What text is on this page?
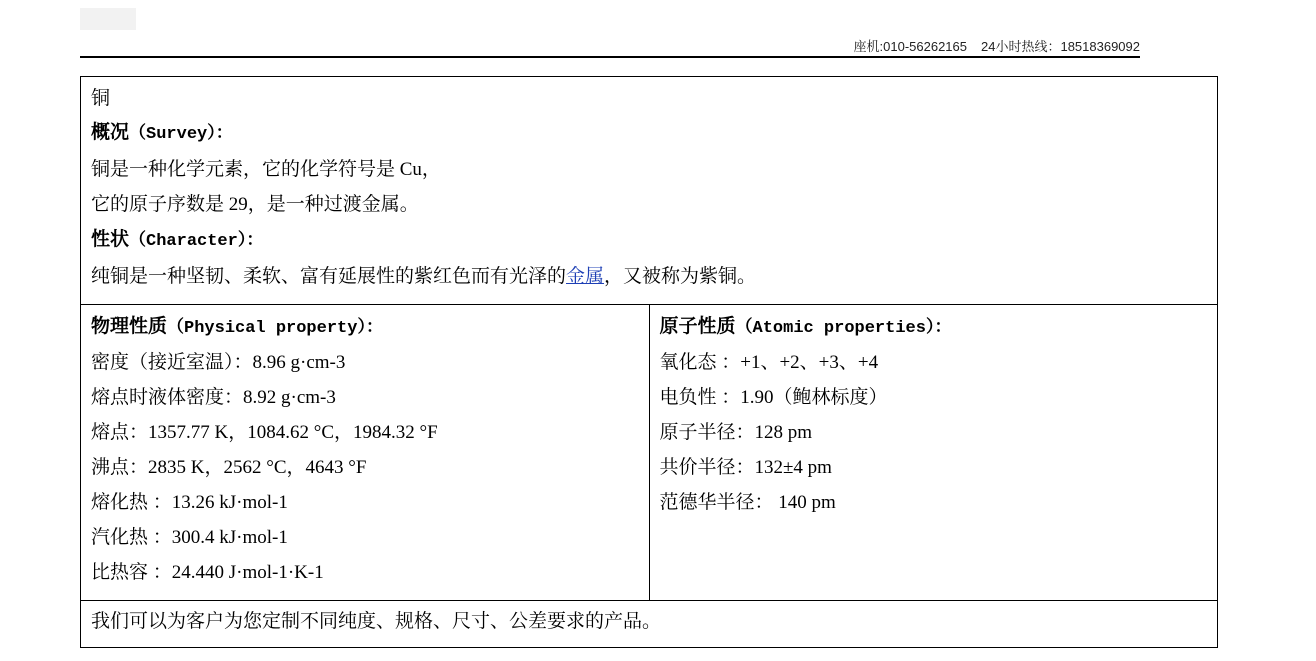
座机:010-56262165 24小时热线：18518369092
铜
概况（Survey）：
铜是一种化学元素，它的化学符号是 Cu，
它的原子序数是 29，是一种过渡金属。
性状（Character）：
纯铜是一种坚韧、柔软、富有延展性的紫红色而有光泽的金属，又被称为紫铜。

物理性质（Physical property）：
密度（接近室温）：8.96 g·cm-3
熔点时液体密度：8.92 g·cm-3
熔点：1357.77 K，1084.62 °C，1984.32 °F
沸点：2835 K，2562 °C，4643 °F
熔化热 ：13.26 kJ·mol-1
汽化热 ：300.4 kJ·mol-1
比热容 ：24.440 J·mol-1·K-1

原子性质（Atomic properties）：
氧化态 ：+1、+2、+3、+4
电负性 ：1.90（鲍林标度）
原子半径：128 pm
共价半径：132±4 pm
范德华半径： 140 pm

我们可以为客户为您定制不同纯度、规格、尺寸、公差要求的产品。
